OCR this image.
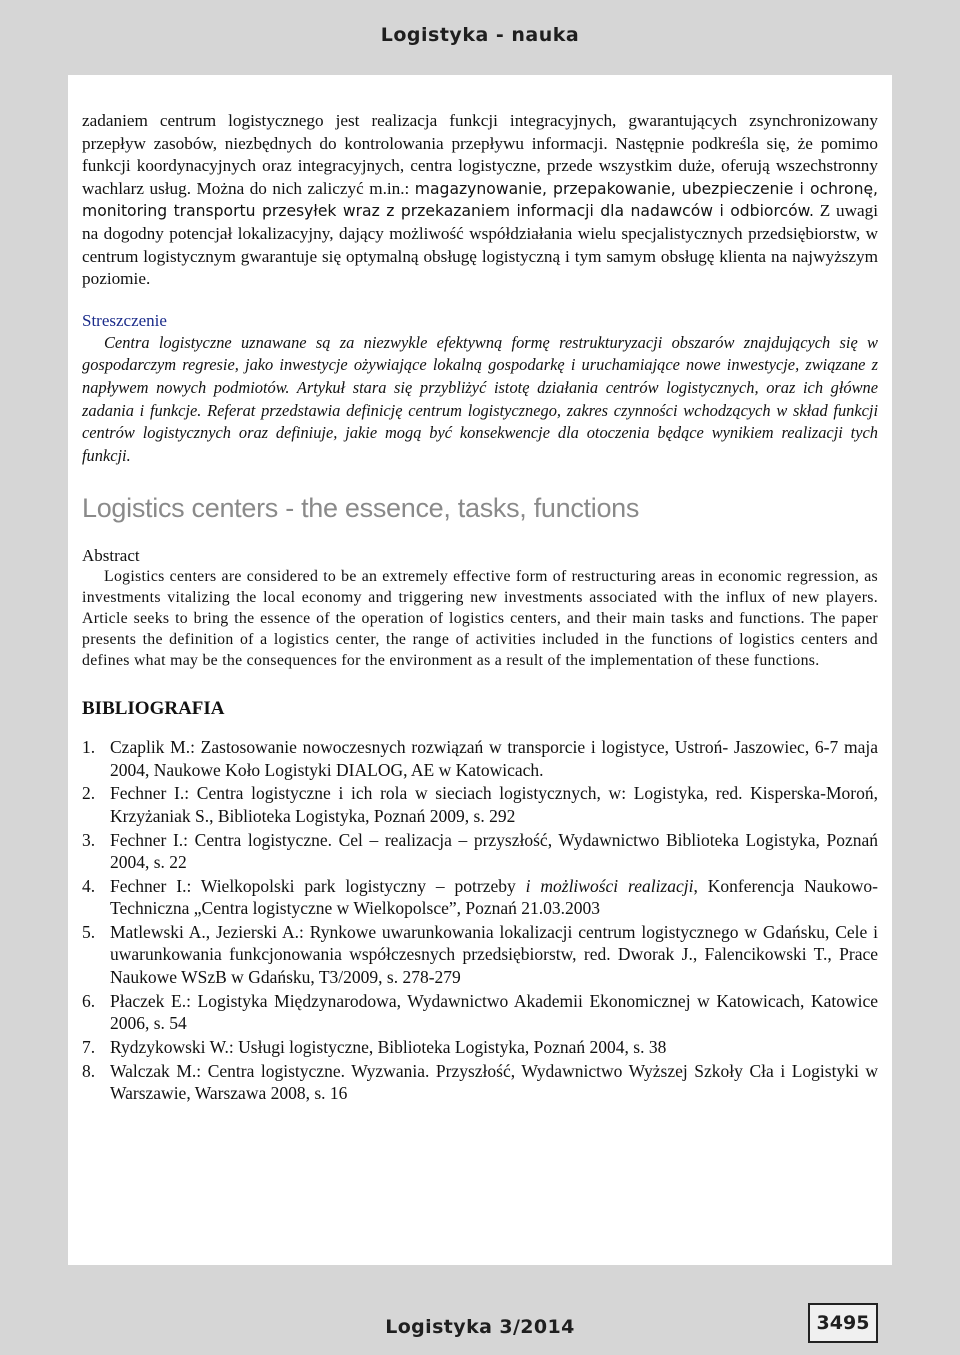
Logistyka - nauka

zadaniem centrum logistycznego jest realizacja funkcji integracyjnych, gwarantujących zsynchronizowany przepływ zasobów, niezbędnych do kontrolowania przepływu informacji. Następnie podkreśla się, że pomimo funkcji koordynacyjnych oraz integracyjnych, centra logistyczne, przede wszystkim duże, oferują wszechstronny wachlarz usług. Można do nich zaliczyć m.in.: magazynowanie, przepakowanie, ubezpieczenie i ochronę, monitoring transportu przesyłek wraz z przekazaniem informacji dla nadawców i odbiorców. Z uwagi na dogodny potencjał lokalizacyjny, dający możliwość współdziałania wielu specjalistycznych przedsiębiorstw, w centrum logistycznym gwarantuje się optymalną obsługę logistyczną i tym samym obsługę klienta na najwyższym poziomie.

Streszczenie

Centra logistyczne uznawane są za niezwykle efektywną formę restrukturyzacji obszarów znajdujących się w gospodarczym regresie, jako inwestycje ożywiające lokalną gospodarkę i uruchamiające nowe inwestycje, związane z napływem nowych podmiotów. Artykuł stara się przybliżyć istotę działania centrów logistycznych, oraz ich główne zadania i funkcje. Referat przedstawia definicję centrum logistycznego, zakres czynności wchodzących w skład funkcji centrów logistycznych oraz definiuje, jakie mogą być konsekwencje dla otoczenia będące wynikiem realizacji tych funkcji.

Logistics centers - the essence, tasks, functions

Abstract

Logistics centers are considered to be an extremely effective form of restructuring areas in economic regression, as investments vitalizing the local economy and triggering new investments associated with the influx of new players. Article seeks to bring the essence of the operation of logistics centers, and their main tasks and functions. The paper presents the definition of a logistics center, the range of activities included in the functions of logistics centers and defines what may be the consequences for the environment as a result of the implementation of these functions.

BIBLIOGRAFIA

1. Czaplik M.: Zastosowanie nowoczesnych rozwiązań w transporcie i logistyce, Ustroń- Jaszowiec, 6-7 maja 2004, Naukowe Koło Logistyki DIALOG, AE w Katowicach.
2. Fechner I.: Centra logistyczne i ich rola w sieciach logistycznych, w: Logistyka, red. Kisperska-Moroń, Krzyżaniak S., Biblioteka Logistyka, Poznań 2009, s. 292
3. Fechner I.: Centra logistyczne. Cel – realizacja – przyszłość, Wydawnictwo Biblioteka Logistyka, Poznań 2004, s. 22
4. Fechner I.: Wielkopolski park logistyczny – potrzeby i możliwości realizacji, Konferencja Naukowo-Techniczna „Centra logistyczne w Wielkopolsce”, Poznań 21.03.2003
5. Matlewski A., Jezierski A.: Rynkowe uwarunkowania lokalizacji centrum logistycznego w Gdańsku, Cele i uwarunkowania funkcjonowania współczesnych przedsiębiorstw, red. Dworak J., Falencikowski T., Prace Naukowe WSzB w Gdańsku, T3/2009, s. 278-279
6. Płaczek E.: Logistyka Międzynarodowa, Wydawnictwo Akademii Ekonomicznej w Katowicach, Katowice 2006, s. 54
7. Rydzykowski W.: Usługi logistyczne, Biblioteka Logistyka, Poznań 2004, s. 38
8. Walczak M.: Centra logistyczne. Wyzwania. Przyszłość, Wydawnictwo Wyższej Szkoły Cła i Logistyki w Warszawie, Warszawa 2008, s. 16
Logistyka 3/2014	3495
